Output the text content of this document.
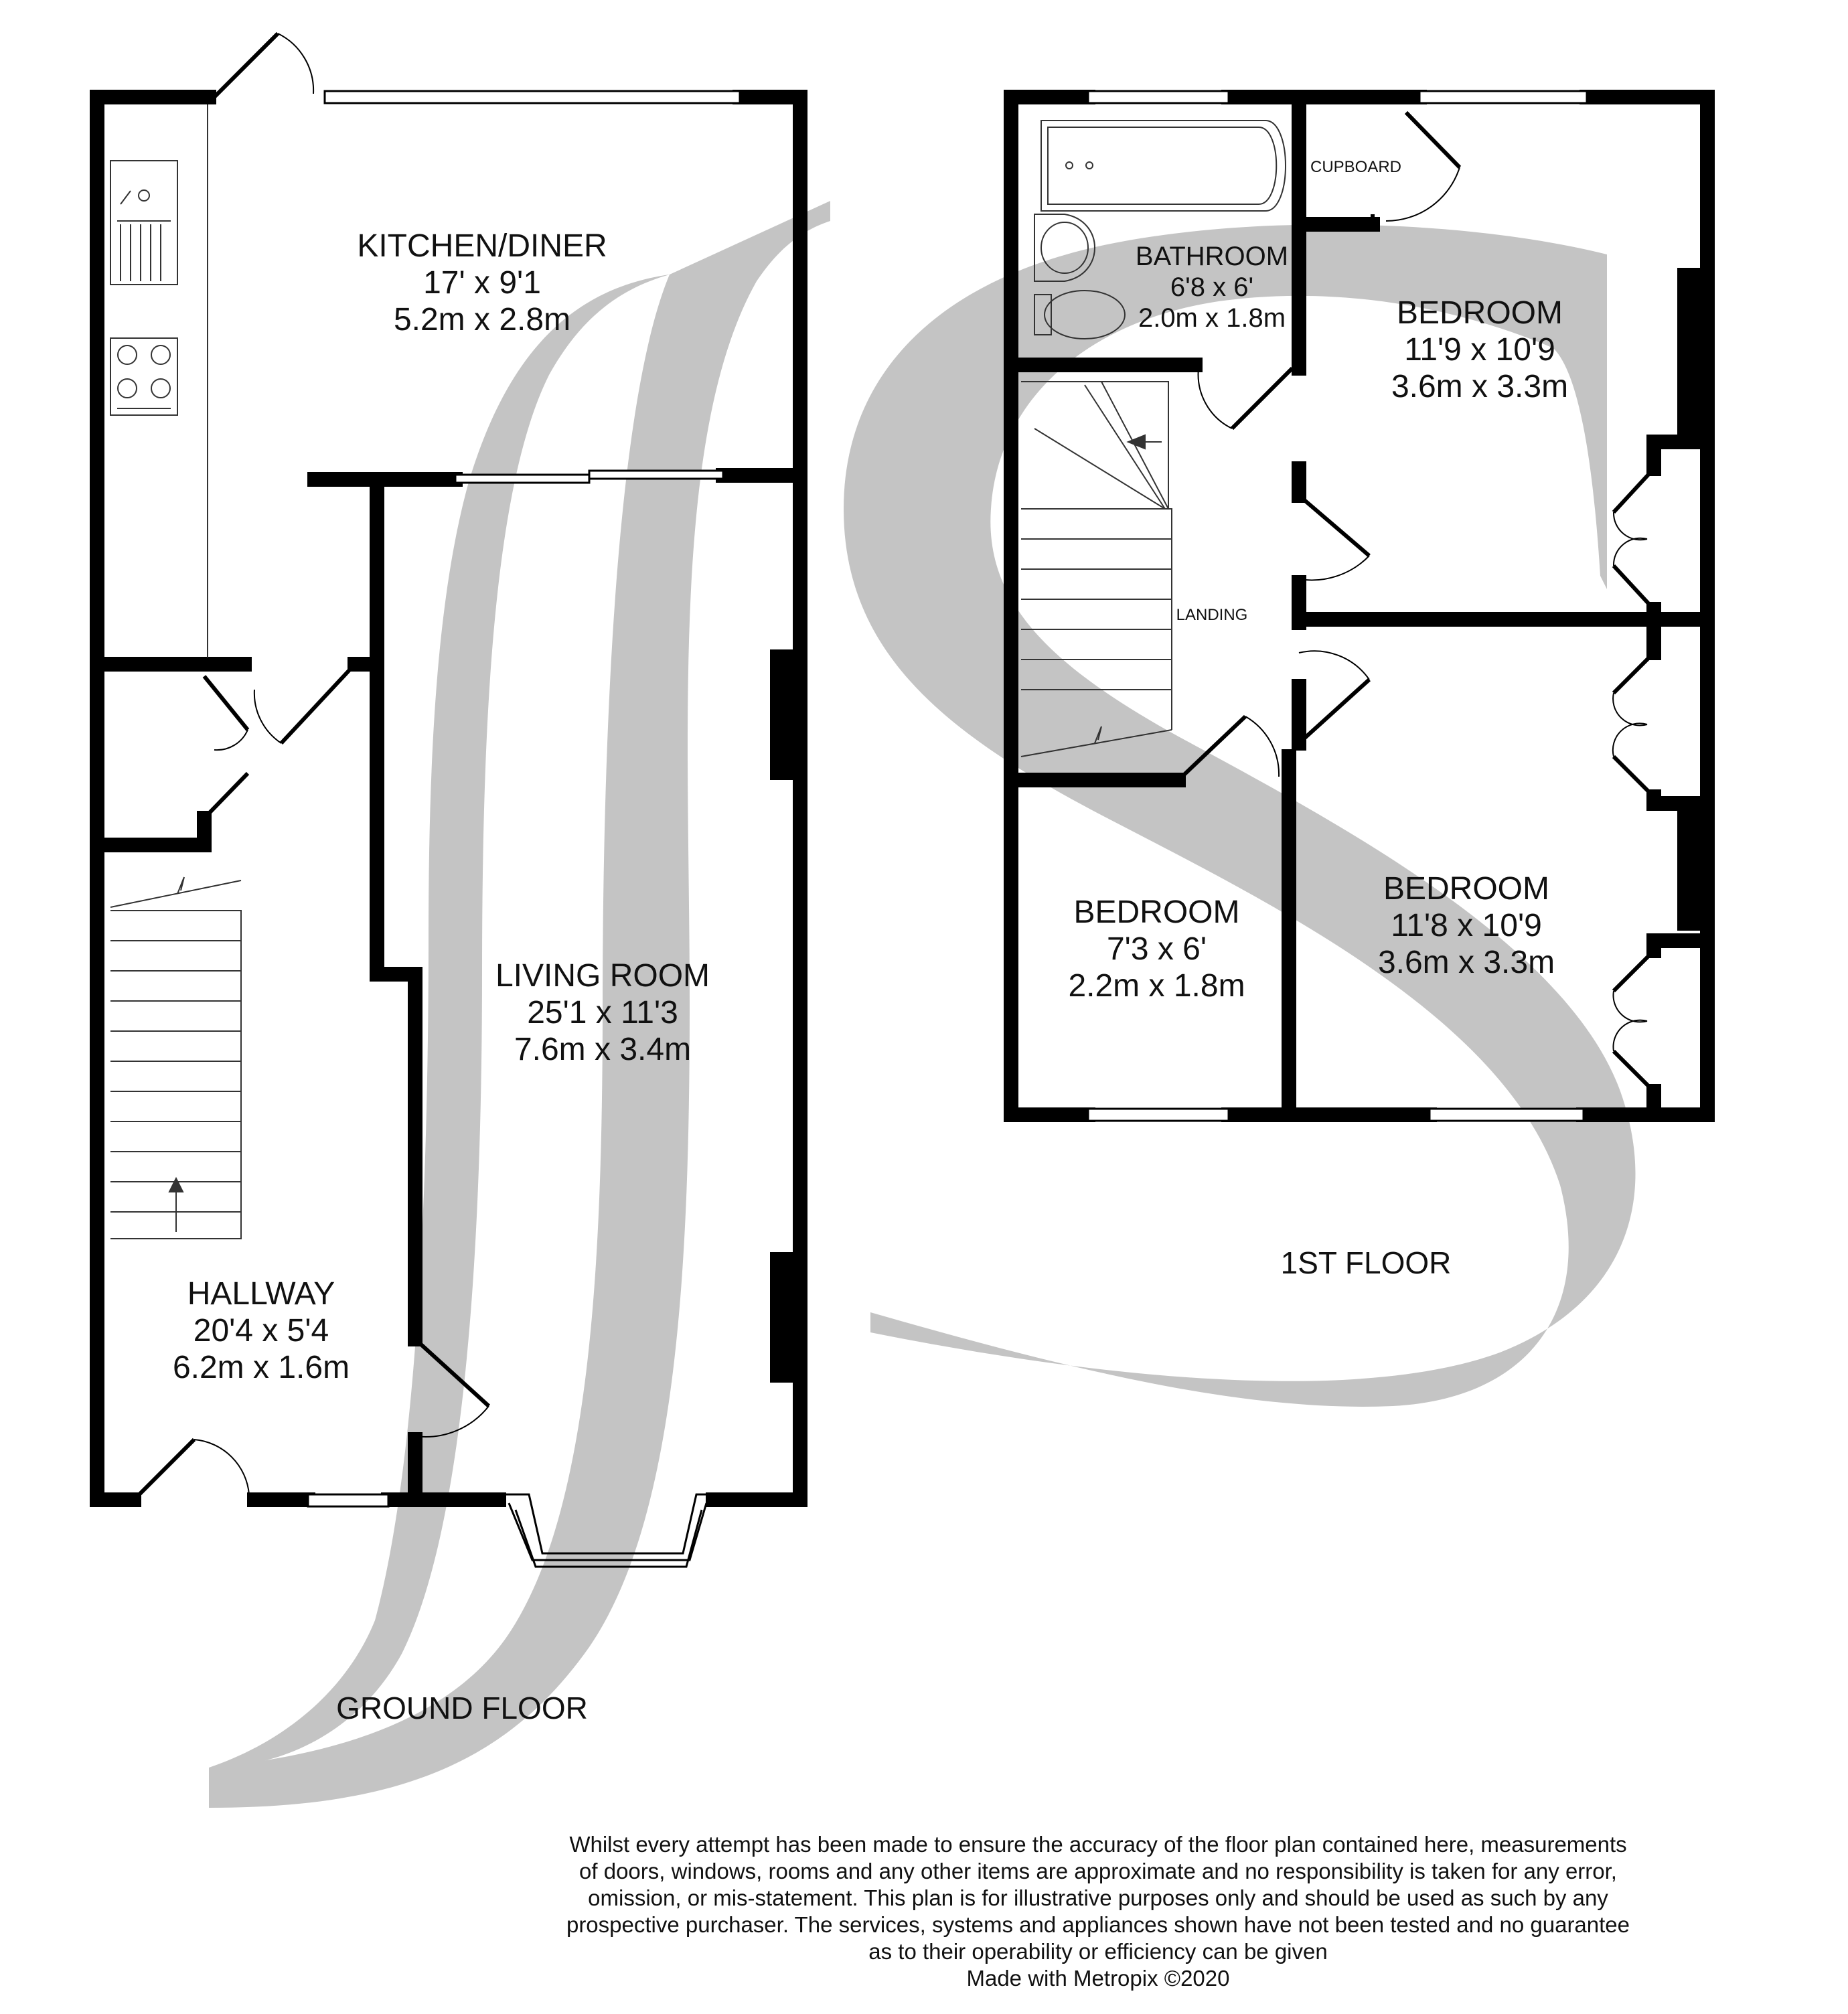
KITCHEN/DINER
17' x 9'1
5.2m x 2.8m
LIVING ROOM
25'1 x 11'3
7.6m x 3.4m
HALLWAY
20'4 x 5'4
6.2m x 1.6m
GROUND FLOOR
BATHROOM
6'8 x 6'
2.0m x 1.8m
CUPBOARD
LANDING
BEDROOM
11'9 x 10'9
3.6m x 3.3m
BEDROOM
7'3 x 6'
2.2m x 1.8m
BEDROOM
11'8 x 10'9
3.6m x 3.3m
1ST FLOOR
Whilst every attempt has been made to ensure the accuracy of the floor plan contained here, measurements
of doors, windows, rooms and any other items are approximate and no responsibility is taken for any error,
omission, or mis-statement. This plan is for illustrative purposes only and should be used as such by any
prospective purchaser. The services, systems and appliances shown have not been tested and no guarantee
as to their operability or efficiency can be given
Made with Metropix ©2020
